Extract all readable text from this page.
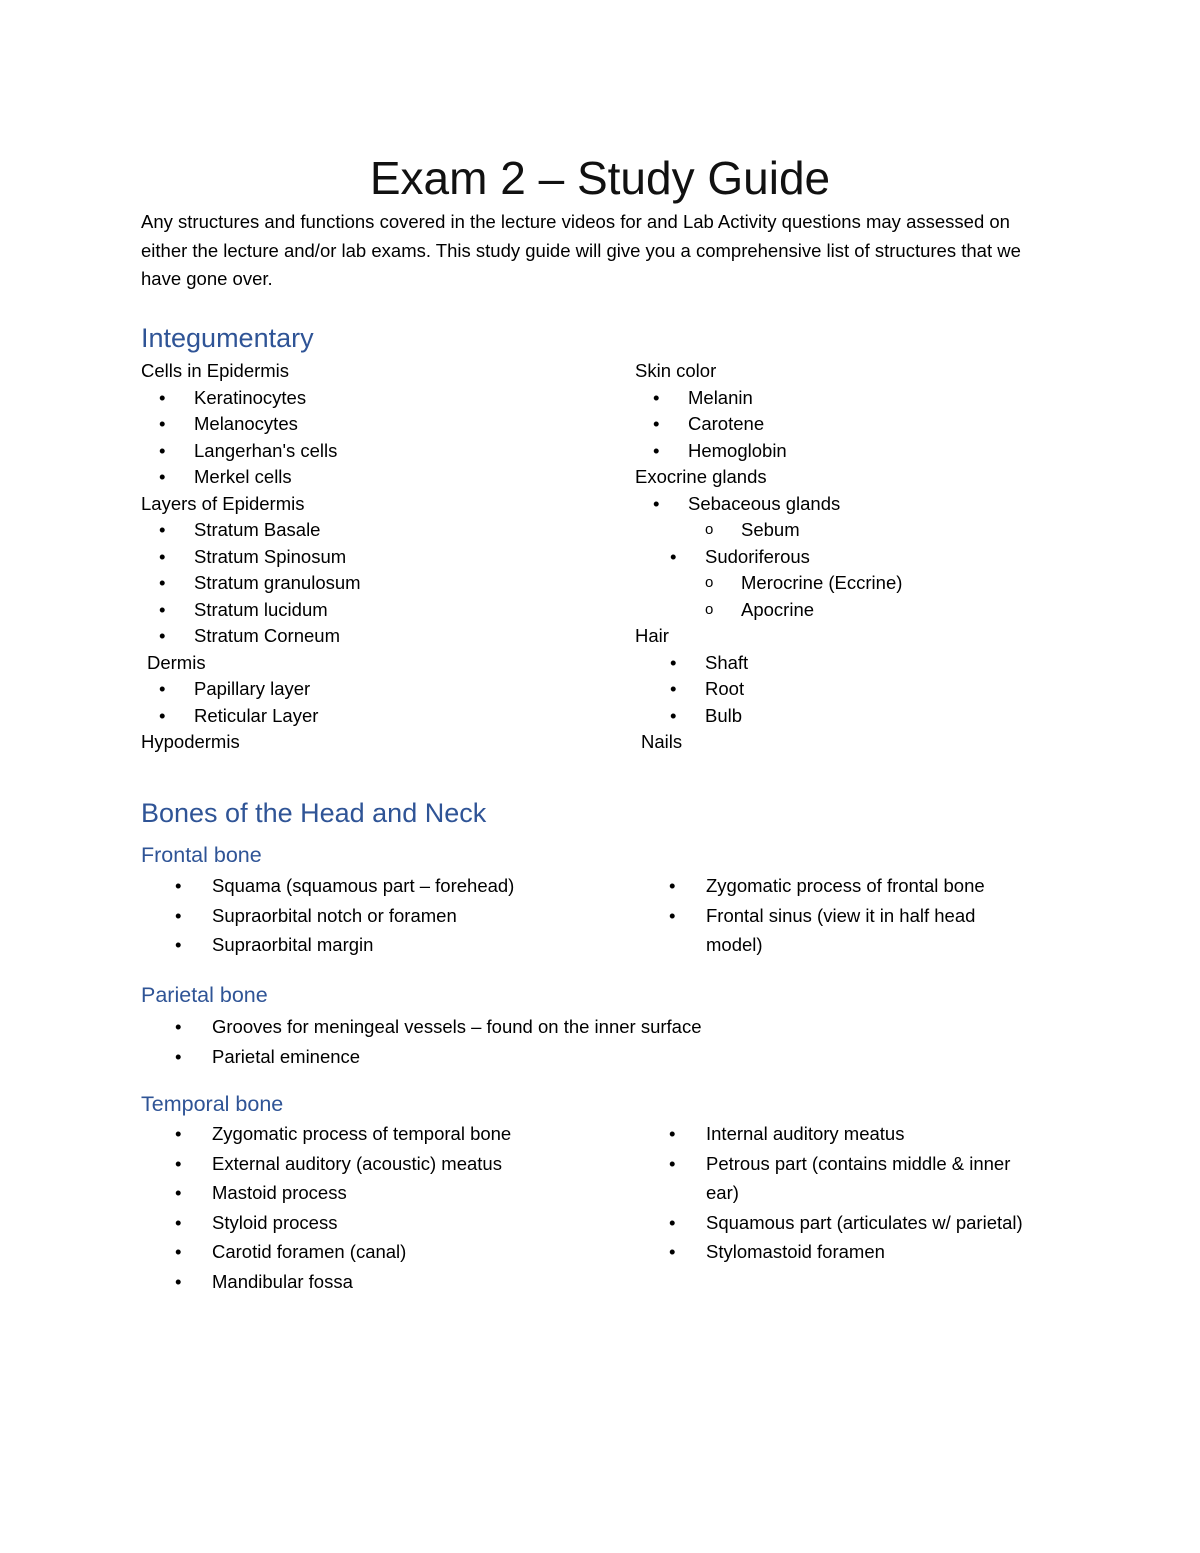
Exam 2 – Study Guide
Any structures and functions covered in the lecture videos for and Lab Activity questions may assessed on either the lecture and/or lab exams. This study guide will give you a comprehensive list of structures that we have gone over.
Integumentary
Cells in Epidermis
• Keratinocytes
• Melanocytes
• Langerhan's cells
• Merkel cells
Layers of Epidermis
• Stratum Basale
• Stratum Spinosum
• Stratum granulosum
• Stratum lucidum
• Stratum Corneum
Dermis
• Papillary layer
• Reticular Layer
Hypodermis
Skin color
• Melanin
• Carotene
• Hemoglobin
Exocrine glands
• Sebaceous glands
o Sebum
• Sudoriferous
o Merocrine (Eccrine)
o Apocrine
Hair
• Shaft
• Root
• Bulb
Nails
Bones of the Head and Neck
Frontal bone
• Squama (squamous part – forehead)
• Supraorbital notch or foramen
• Supraorbital margin
• Zygomatic process of frontal bone
• Frontal sinus (view it in half head model)
Parietal bone
• Grooves for meningeal vessels – found on the inner surface
• Parietal eminence
Temporal bone
• Zygomatic process of temporal bone
• External auditory (acoustic) meatus
• Mastoid process
• Styloid process
• Carotid foramen (canal)
• Mandibular fossa
• Internal auditory meatus
• Petrous part (contains middle & inner ear)
• Squamous part (articulates w/ parietal)
• Stylomastoid foramen
